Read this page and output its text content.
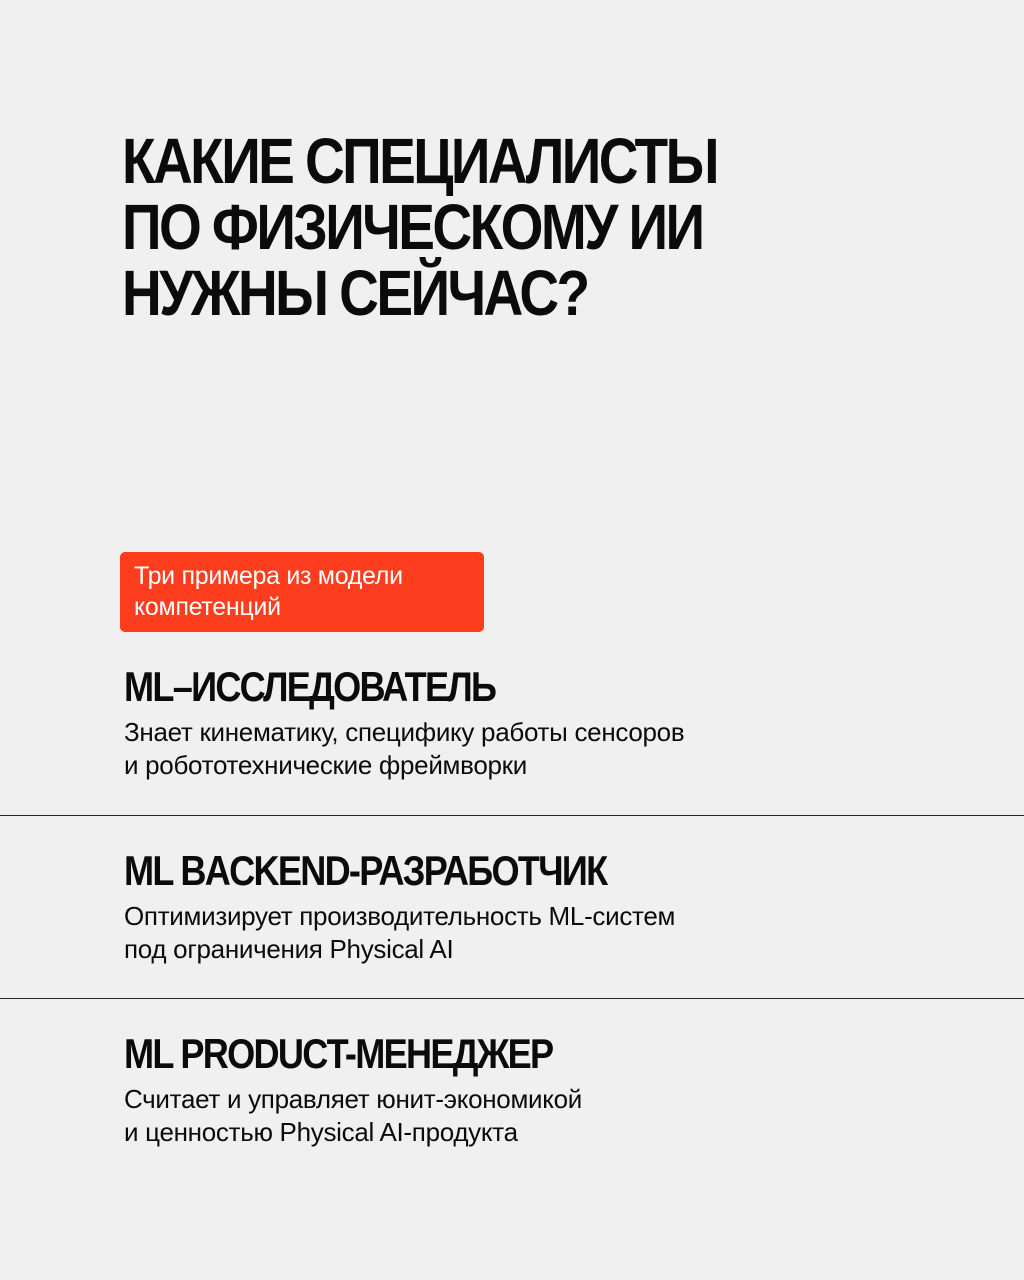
КАКИЕ СПЕЦИАЛИСТЫ
ПО ФИЗИЧЕСКОМУ ИИ
НУЖНЫ СЕЙЧАС?
Три примера из модели
компетенций
ML–ИССЛЕДОВАТЕЛЬ
Знает кинематику, специфику работы сенсоров
и робототехнические фреймворки
ML BACKEND-РАЗРАБОТЧИК
Оптимизирует производительность ML-систем
под ограничения Physical AI
ML PRODUCT-МЕНЕДЖЕР
Считает и управляет юнит-экономикой
и ценностью Physical AI-продукта
